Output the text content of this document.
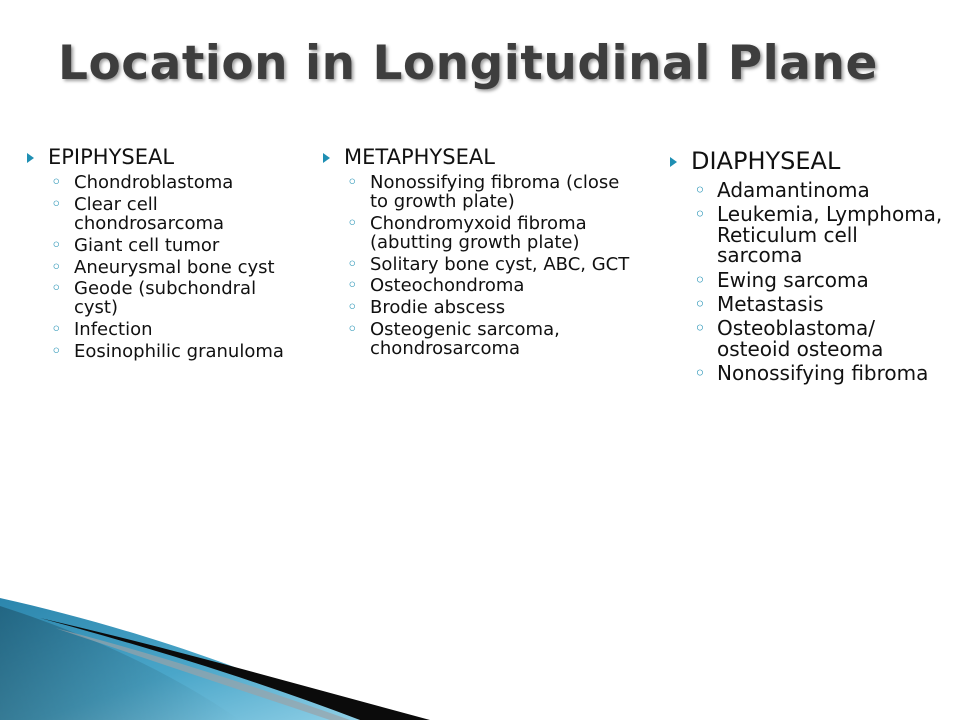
Location in Longitudinal Plane
EPIPHYSEAL
◦ Chondroblastoma
◦ Clear cell chondrosarcoma
◦ Giant cell tumor
◦ Aneurysmal bone cyst
◦ Geode (subchondral cyst)
◦ Infection
◦ Eosinophilic granuloma
METAPHYSEAL
◦ Nonossifying fibroma (close to growth plate)
◦ Chondromyxoid fibroma (abutting growth plate)
◦ Solitary bone cyst, ABC, GCT
◦ Osteochondroma
◦ Brodie abscess
◦ Osteogenic sarcoma, chondrosarcoma
DIAPHYSEAL
◦ Adamantinoma
◦ Leukemia, Lymphoma, Reticulum cell sarcoma
◦ Ewing sarcoma
◦ Metastasis
◦ Osteoblastoma/ osteoid osteoma
◦ Nonossifying fibroma
